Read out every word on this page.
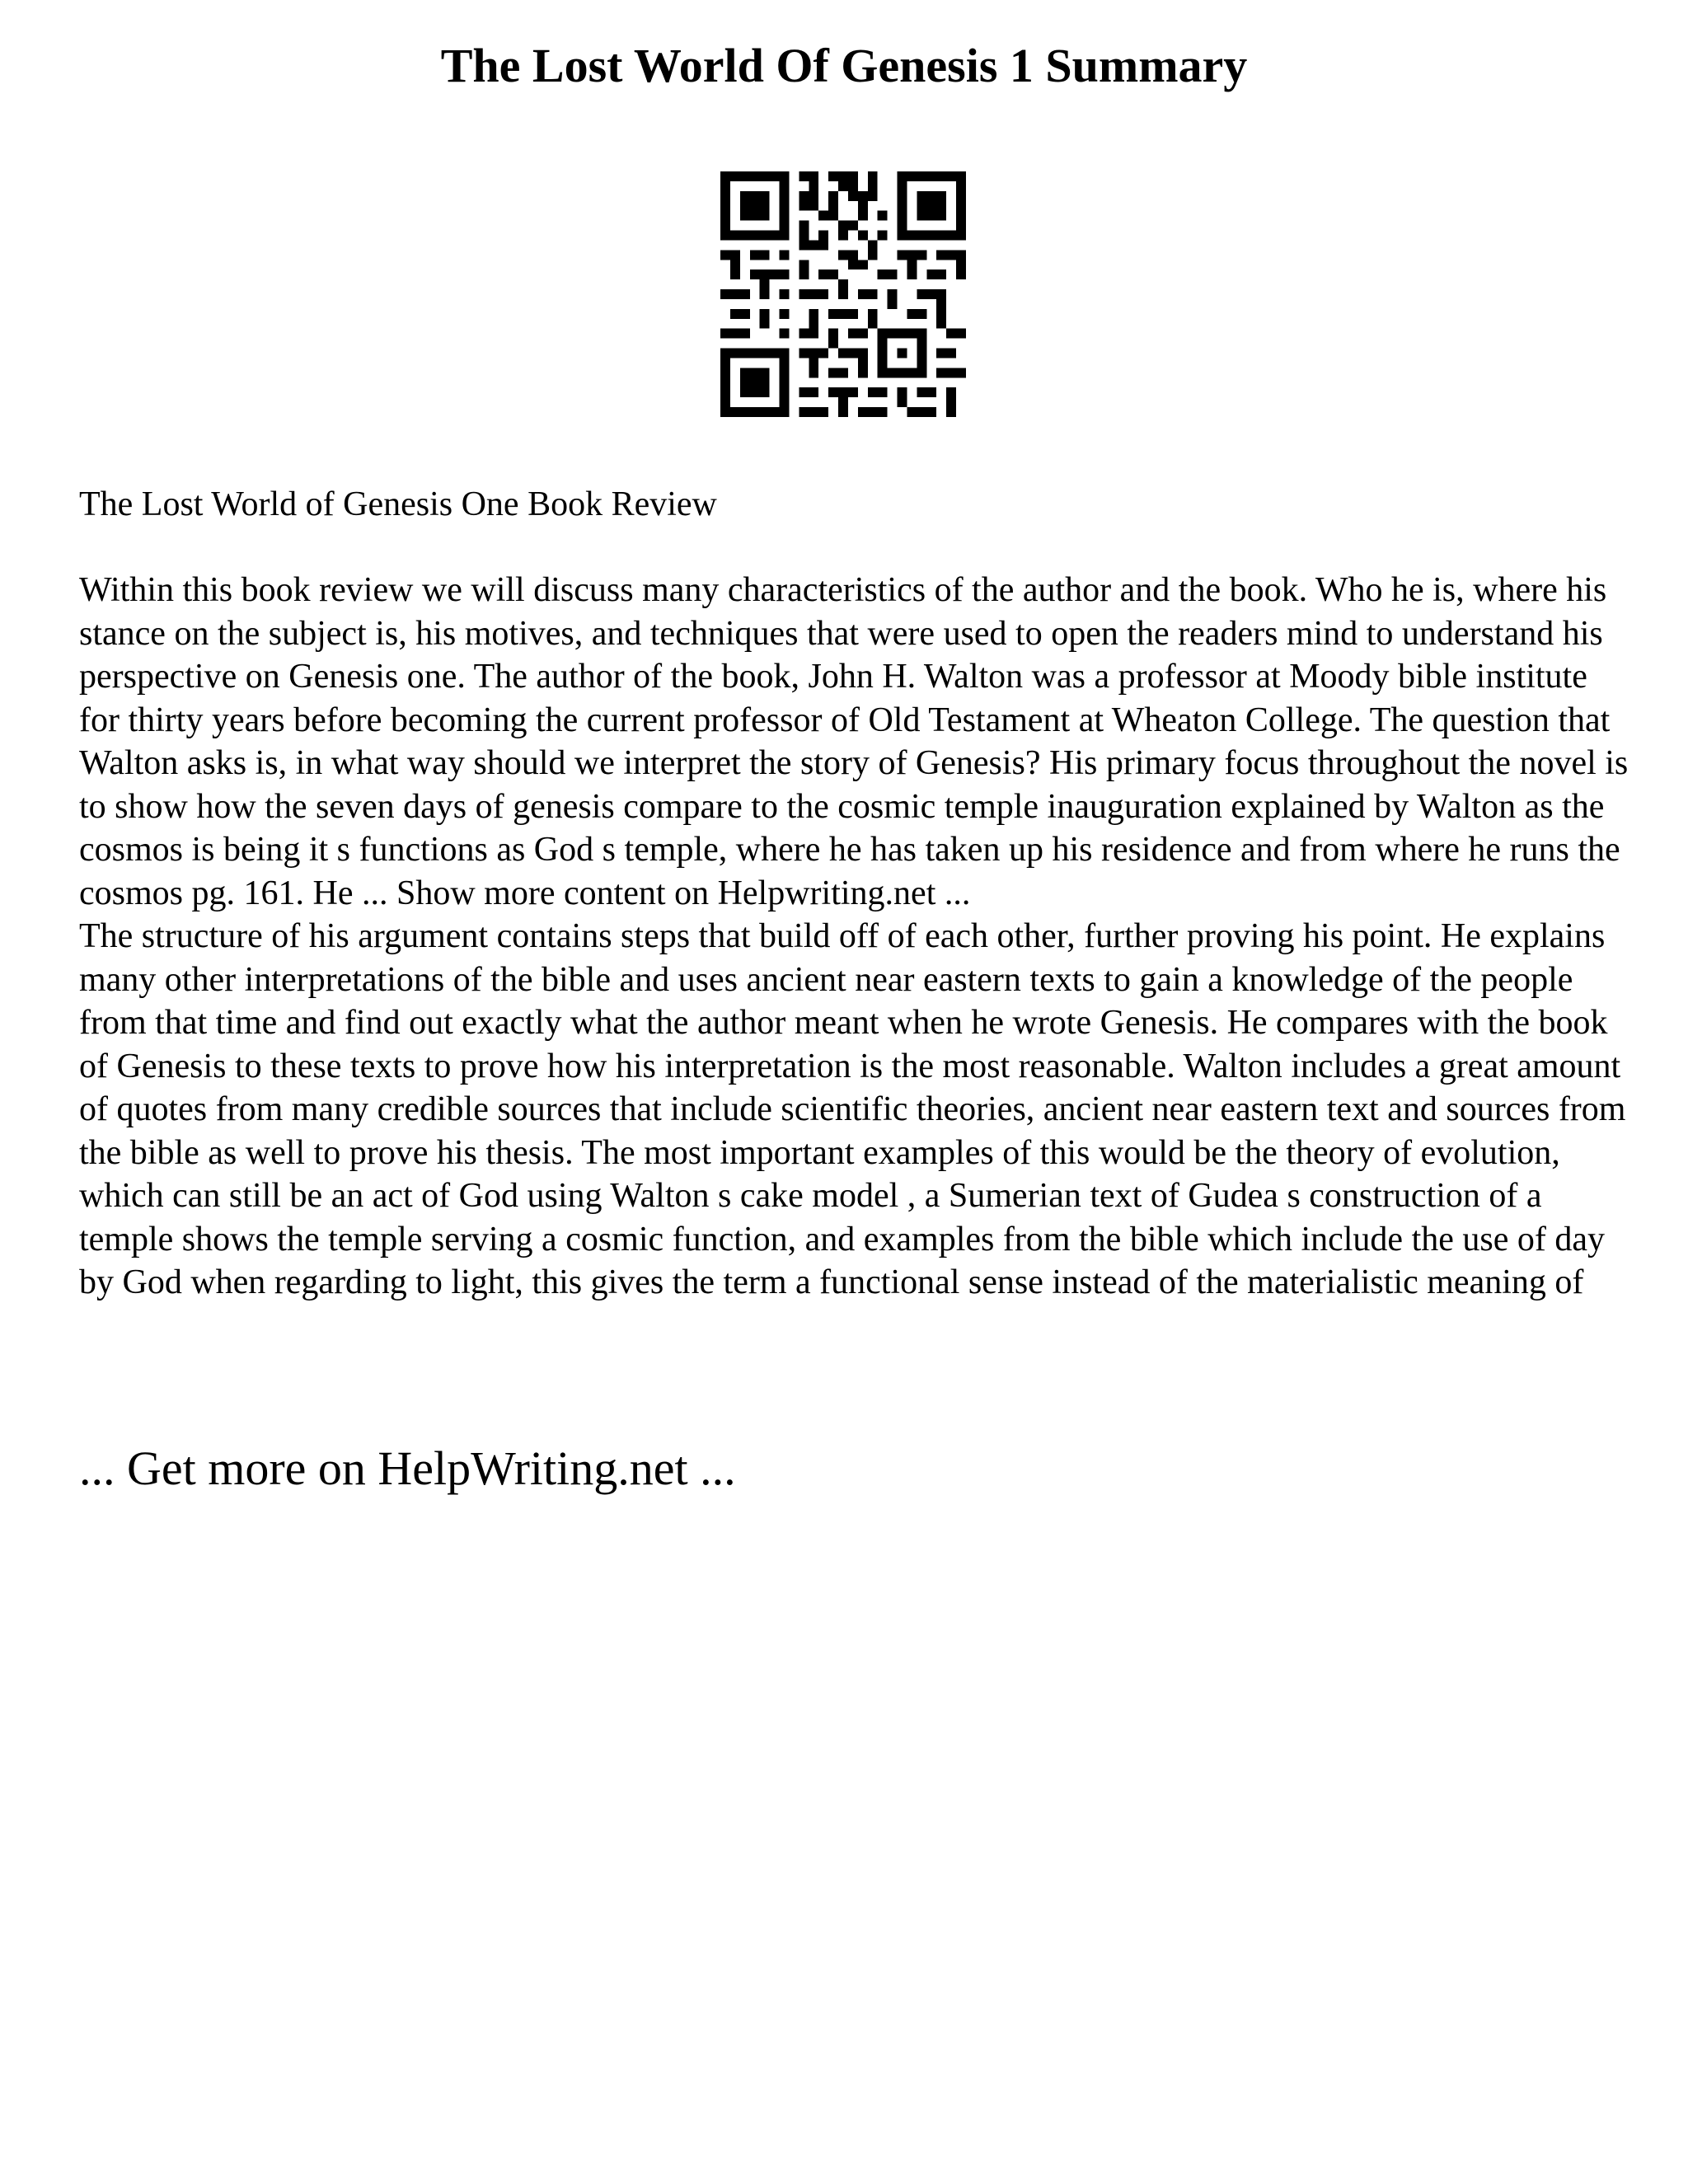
The Lost World Of Genesis 1 Summary

The Lost World of Genesis One Book Review

Within this book review we will discuss many characteristics of the author and the book. Who he is, where his stance on the subject is, his motives, and techniques that were used to open the readers mind to understand his perspective on Genesis one. The author of the book, John H. Walton was a professor at Moody bible institute for thirty years before becoming the current professor of Old Testament at Wheaton College. The question that Walton asks is, in what way should we interpret the story of Genesis? His primary focus throughout the novel is to show how the seven days of genesis compare to the cosmic temple inauguration explained by Walton as the cosmos is being it s functions as God s temple, where he has taken up his residence and from where he runs the cosmos pg. 161. He ... Show more content on Helpwriting.net ...

The structure of his argument contains steps that build off of each other, further proving his point. He explains many other interpretations of the bible and uses ancient near eastern texts to gain a knowledge of the people from that time and find out exactly what the author meant when he wrote Genesis. He compares with the book of Genesis to these texts to prove how his interpretation is the most reasonable. Walton includes a great amount of quotes from many credible sources that include scientific theories, ancient near eastern text and sources from the bible as well to prove his thesis. The most important examples of this would be the theory of evolution, which can still be an act of God using Walton s cake model , a Sumerian text of Gudea s construction of a temple shows the temple serving a cosmic function, and examples from the bible which include the use of day by God when regarding to light, this gives the term a functional sense instead of the materialistic meaning of

... Get more on HelpWriting.net ...
